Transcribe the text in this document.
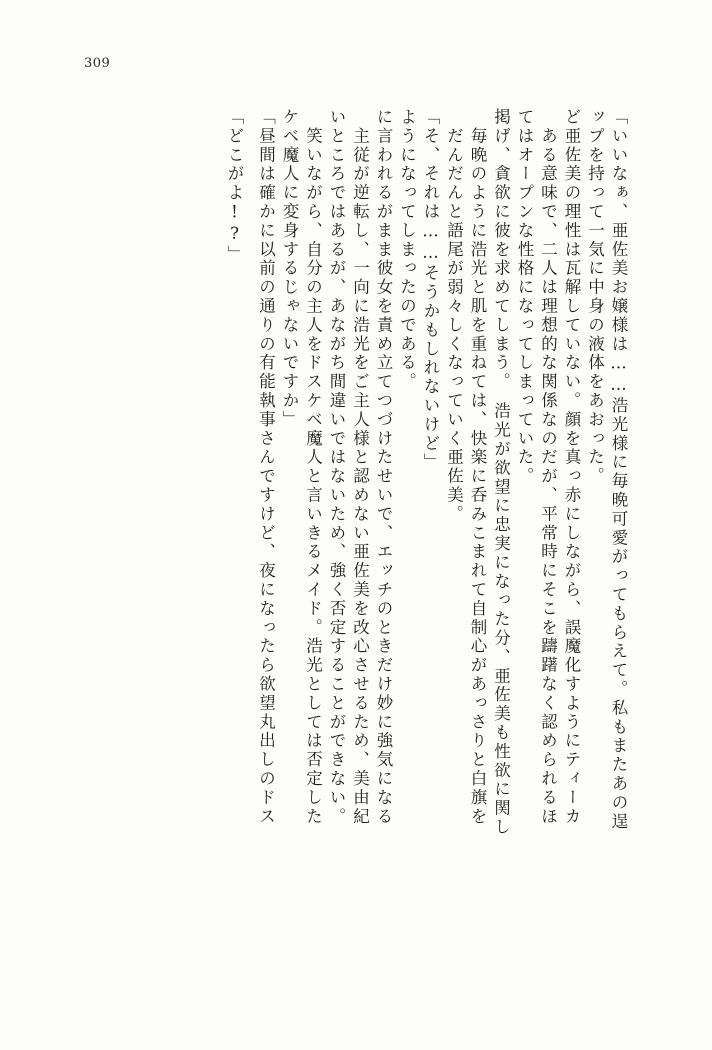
309
「どこがよ!?」 「昼間は確かに以前の通りの有能執事さんですけど、夜になったら欲望丸出しのドス ケベ魔人に変身するじゃないですか」 　笑いながら、自分の主人をドスケベ魔人と言いきるメイド。浩光としては否定した いところではあるが、あながち間違いではないため、強く否定することができない。 　主従が逆転し、一向に浩光をご主人様と認めない亜佐美を改心させるため、美由紀 に言われるがまま彼女を責め立てつづけたせいで、エッチのときだけ妙に強気になる ようになってしまったのである。 「そ、それは……そうかもしれないけど」 　だんだんと語尾が弱々しくなっていく亜佐美。 　毎晩のように浩光と肌を重ねては、快楽に呑みこまれて自制心があっさりと白旗を 掲げ、貪欲に彼を求めてしまう。　浩光が欲望に忠実になった分、亜佐美も性欲に関し てはオープンな性格になってしまっていた。 　ある意味で、二人は理想的な関係なのだが、平常時にそこを躊躇なく認められるほ ど亜佐美の理性は瓦解していない。顔を真っ赤にしながら、誤魔化すようにティーカ ップを持って一気に中身の液体をあおった。 「いいなぁ、亜佐美お嬢様は……浩光様に毎晩可愛がってもらえて。私もまたあの逞
